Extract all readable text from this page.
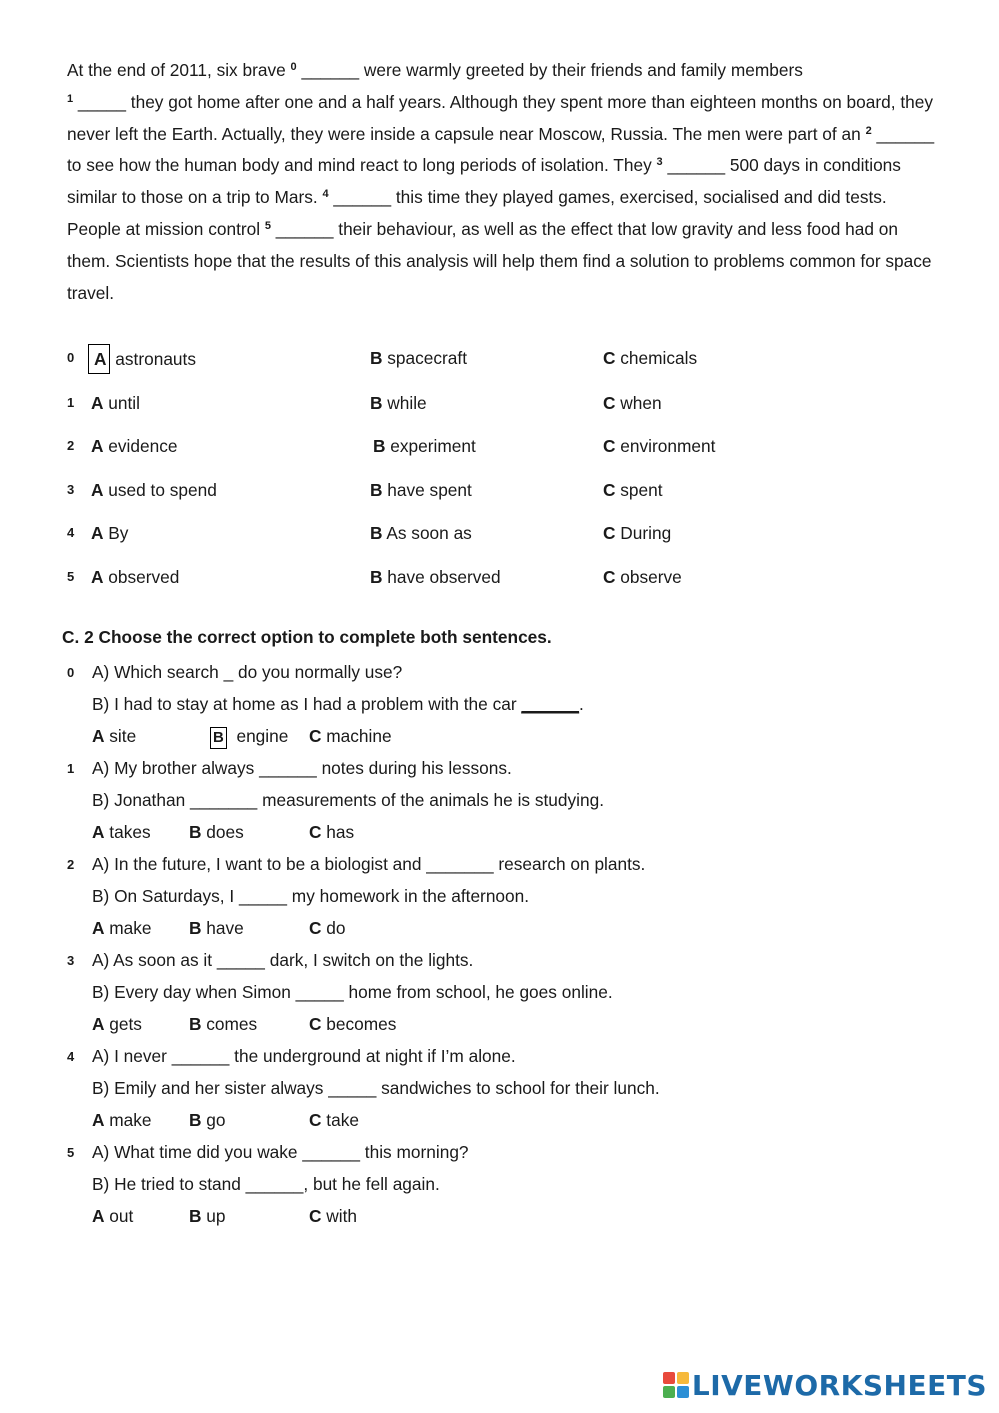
At the end of 2011, six brave $^0$ ______ were warmly greeted by their friends and family members
$^1$ _____ they got home after one and a half years. Although they spent more than eighteen months on board, they never left the Earth. Actually, they were inside a capsule near Moscow, Russia. The men were part of an $^2$ ______ to see how the human body and mind react to long periods of isolation. They $^3$ ______ 500 days in conditions similar to those on a trip to Mars. $^4$ ______ this time they played games, exercised, socialised and did tests. People at mission control $^5$ ______ their behaviour, as well as the effect that low gravity and less food had on them. Scientists hope that the results of this analysis will help them find a solution to problems common for space travel.
0 A astronauts	B spacecraft	C chemicals
1 A until	B while	C when
2 A evidence	B experiment	C environment
3 A used to spend	B have spent	C spent
4 A By	B As soon as	C During
5 A observed	B have observed	C observe
C. 2 Choose the correct option to complete both sentences.
0 A) Which search _ do you normally use?
B) I had to stay at home as I had a problem with the car ______.
A site	B engine C machine
1 A) My brother always ______ notes during his lessons.
B) Jonathan _______ measurements of the animals he is studying.
A takes B does	C has
2 A) In the future, I want to be a biologist and _______ research on plants.
B) On Saturdays, I _____ my homework in the afternoon.
A make B have	C do
3 A) As soon as it _____ dark, I switch on the lights.
B) Every day when Simon _____ home from school, he goes online.
A gets	B comes	C becomes
4 A) I never ______ the underground at night if I’m alone.
B) Emily and her sister always _____ sandwiches to school for their lunch.
A make B go	C take
5 A) What time did you wake ______ this morning?
B) He tried to stand ______, but he fell again.
A out	B up	C with
LIVEWORKSHEETS
